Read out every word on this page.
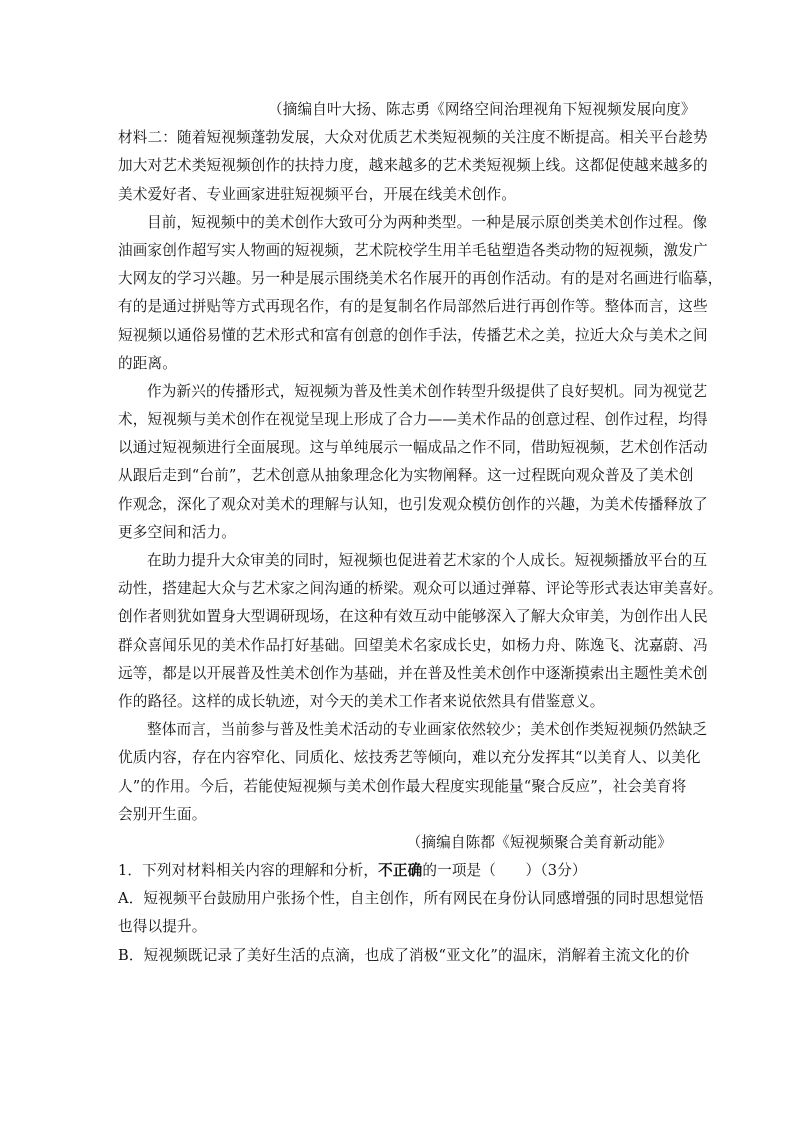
（摘编自叶大扬、陈志勇《网络空间治理视角下短视频发展向度》
材料二：随着短视频蓬勃发展，大众对优质艺术类短视频的关注度不断提高。相关平台趁势
加大对艺术类短视频创作的扶持力度，越来越多的艺术类短视频上线。这都促使越来越多的
美术爱好者、专业画家进驻短视频平台，开展在线美术创作。
目前，短视频中的美术创作大致可分为两种类型。一种是展示原创类美术创作过程。像
油画家创作超写实人物画的短视频，艺术院校学生用羊毛毡塑造各类动物的短视频，激发广
大网友的学习兴趣。另一种是展示围绕美术名作展开的再创作活动。有的是对名画进行临摹，
有的是通过拼贴等方式再现名作，有的是复制名作局部然后进行再创作等。整体而言，这些
短视频以通俗易懂的艺术形式和富有创意的创作手法，传播艺术之美，拉近大众与美术之间
的距离。
作为新兴的传播形式，短视频为普及性美术创作转型升级提供了良好契机。同为视觉艺
术，短视频与美术创作在视觉呈现上形成了合力——美术作品的创意过程、创作过程，均得
以通过短视频进行全面展现。这与单纯展示一幅成品之作不同，借助短视频，艺术创作活动
从跟后走到“台前”，艺术创意从抽象理念化为实物阐释。这一过程既向观众普及了美术创
作观念，深化了观众对美术的理解与认知，也引发观众模仿创作的兴趣，为美术传播释放了
更多空间和活力。
在助力提升大众审美的同时，短视频也促进着艺术家的个人成长。短视频播放平台的互
动性，搭建起大众与艺术家之间沟通的桥梁。观众可以通过弹幕、评论等形式表达审美喜好。
创作者则犹如置身大型调研现场，在这种有效互动中能够深入了解大众审美，为创作出人民
群众喜闻乐见的美术作品打好基础。回望美术名家成长史，如杨力舟、陈逸飞、沈嘉蔚、冯
远等，都是以开展普及性美术创作为基础，并在普及性美术创作中逐渐摸索出主题性美术创
作的路径。这样的成长轨迹，对今天的美术工作者来说依然具有借鉴意义。
整体而言，当前参与普及性美术活动的专业画家依然较少；美术创作类短视频仍然缺乏
优质内容，存在内容窄化、同质化、炫技秀艺等倾向，难以充分发挥其“以美育人、以美化
人”的作用。今后，若能使短视频与美术创作最大程度实现能量“聚合反应”，社会美育将
会别开生面。
（摘编自陈都《短视频聚合美育新动能》
1．下列对材料相关内容的理解和分析，不正确的一项是（　　）（3分）
A．短视频平台鼓励用户张扬个性，自主创作，所有网民在身份认同感增强的同时思想觉悟
也得以提升。
B．短视频既记录了美好生活的点滴，也成了消极“亚文化”的温床，消解着主流文化的价
